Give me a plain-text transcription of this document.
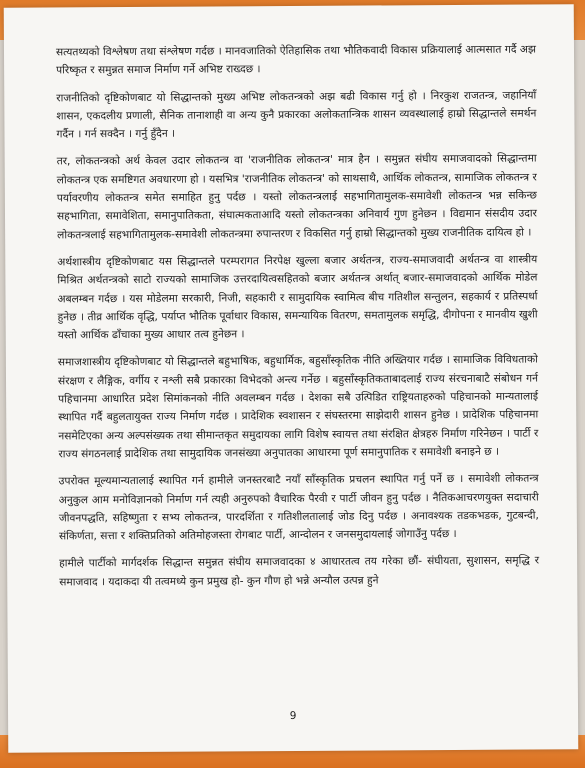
सत्यतथ्यको विश्लेषण तथा संश्लेषण गर्दछ । मानवजातिको ऐतिहासिक तथा भौतिकवादी विकास प्रक्रियालाई आत्मसात गर्दै अझ परिष्कृत र समुन्नत समाज निर्माण गर्ने अभिष्ट राख्दछ ।

राजनीतिको दृष्टिकोणबाट यो सिद्धान्तको मुख्य अभिष्ट लोकतन्त्रको अझ बढी विकास गर्नु हो । निरकुश राजतन्त्र, जहानियाँ शासन, एकदलीय प्रणाली, सैनिक तानाशाही वा अन्य कुनै प्रकारका अलोकतान्त्रिक शासन व्यवस्थालाई हाम्रो सिद्धान्तले समर्थन गर्दैन । गर्न सक्दैन । गर्नु हुँदैन ।

तर, लोकतन्त्रको अर्थ केवल उदार लोकतन्त्र वा 'राजनीतिक लोकतन्त्र' मात्र हैन । समुन्नत संघीय समाजवादको सिद्धान्तमा लोकतन्त्र एक समष्टिगत अवधारणा हो । यसभित्र 'राजनीतिक लोकतन्त्र' को साथसाथै, आर्थिक लोकतन्त्र, सामाजिक लोकतन्त्र र पर्यावरणीय लोकतन्त्र समेत समाहित हुनु पर्दछ । यस्तो लोकतन्त्रलाई सहभागितामुलक-समावेशी लोकतन्त्र भन्न सकिन्छ सहभागिता, समावेशिता, समानुपातिकता, संघात्मकताआदि यस्तो लोकतन्त्रका अनिवार्य गुण हुनेछन । विद्यमान संसदीय उदार लोकतन्त्रलाई सहभागितामुलक-समावेशी लोकतन्त्रमा रुपान्तरण र विकसित गर्नु हाम्रो सिद्धान्तको मुख्य राजनीतिक दायित्व हो ।

अर्थशास्त्रीय दृष्टिकोणबाट यस सिद्धान्तले परम्परागत निरपेक्ष खुल्ला बजार अर्थतन्त्र, राज्य-समाजवादी अर्थतन्त्र वा शास्त्रीय मिश्रित अर्थतन्त्रको साटो राज्यको सामाजिक उत्तरदायित्वसहितको बजार अर्थतन्त्र अर्थात् बजार-समाजवादको आर्थिक मोडेल अबलम्बन गर्दछ । यस मोडेलमा सरकारी, निजी, सहकारी र सामुदायिक स्वामित्व बीच गतिशील सन्तुलन, सहकार्य र प्रतिस्पर्धा हुनेछ । तीव्र आर्थिक वृद्धि, पर्याप्त भौतिक पूर्वाधार विकास, समन्यायिक वितरण, समतामुलक समृद्धि, दीगोपना र मानवीय खुशी यस्तो आर्थिक ढाँचाका मुख्य आधार तत्व हुनेछन ।

समाजशास्त्रीय दृष्टिकोणबाट यो सिद्धान्तले बहुभाषिक, बहुधार्मिक, बहुसाँस्कृतिक नीति अख्तियार गर्दछ । सामाजिक विविधताको संरक्षण र लैङ्गिक, वर्गीय र नश्ली सबै प्रकारका विभेदको अन्त्य गर्नेछ । बहुसाँस्कृतिकताबादलाई राज्य संरचनाबाटै संबोधन गर्न पहिचानमा आधारित प्रदेश सिमांकनको नीति अवलम्बन गर्दछ । देशका सबै उत्पिडित राष्ट्रियताहरुको पहिचानको मान्यतालाई स्थापित गर्दै बहुलतायुक्त राज्य निर्माण गर्दछ । प्रादेशिक स्वशासन र संघस्तरमा साझेदारी शासन हुनेछ । प्रादेशिक पहिचानमा नसमेटिएका अन्य अल्पसंख्यक तथा सीमान्तकृत समुदायका लागि विशेष स्वायत्त तथा संरक्षित क्षेत्रहरु निर्माण गरिनेछन । पार्टी र राज्य संगठनलाई प्रादेशिक तथा सामुदायिक जनसंख्या अनुपातका आधारमा पूर्ण समानुपातिक र समावेशी बनाइने छ ।

उपरोक्त मूल्यमान्यतालाई स्थापित गर्न हामीले जनस्तरबाटै नयाँ साँस्कृतिक प्रचलन स्थापित गर्नु पर्ने छ । समावेशी लोकतन्त्र अनुकुल आम मनोविज्ञानको निर्माण गर्न त्यही अनुरुपको वैचारिक पैरवी र पार्टी जीवन हुनु पर्दछ । नैतिकआचरणयुक्त सदाचारी जीवनपद्धति, सहिष्णुता र सभ्य लोकतन्त्र, पारदर्शिता र गतिशीलतालाई जोड दिनु पर्दछ । अनावश्यक तडकभडक, गुटबन्दी, संकिर्णता, सत्ता र शक्तिप्रतिको अतिमोहजस्ता रोगबाट पार्टी, आन्दोलन र जनसमुदायलाई जोगाउँनु पर्दछ ।

हामीले पार्टीको मार्गदर्शक सिद्धान्त समुन्नत संघीय समाजवादका ४ आधारतत्व तय गरेका छौं- संघीयता, सुशासन, समृद्धि र समाजवाद । यदाकदा यी तत्वमध्ये कुन प्रमुख हो- कुन गौण हो भन्ने अन्यौल उत्पन्न हुने

9
